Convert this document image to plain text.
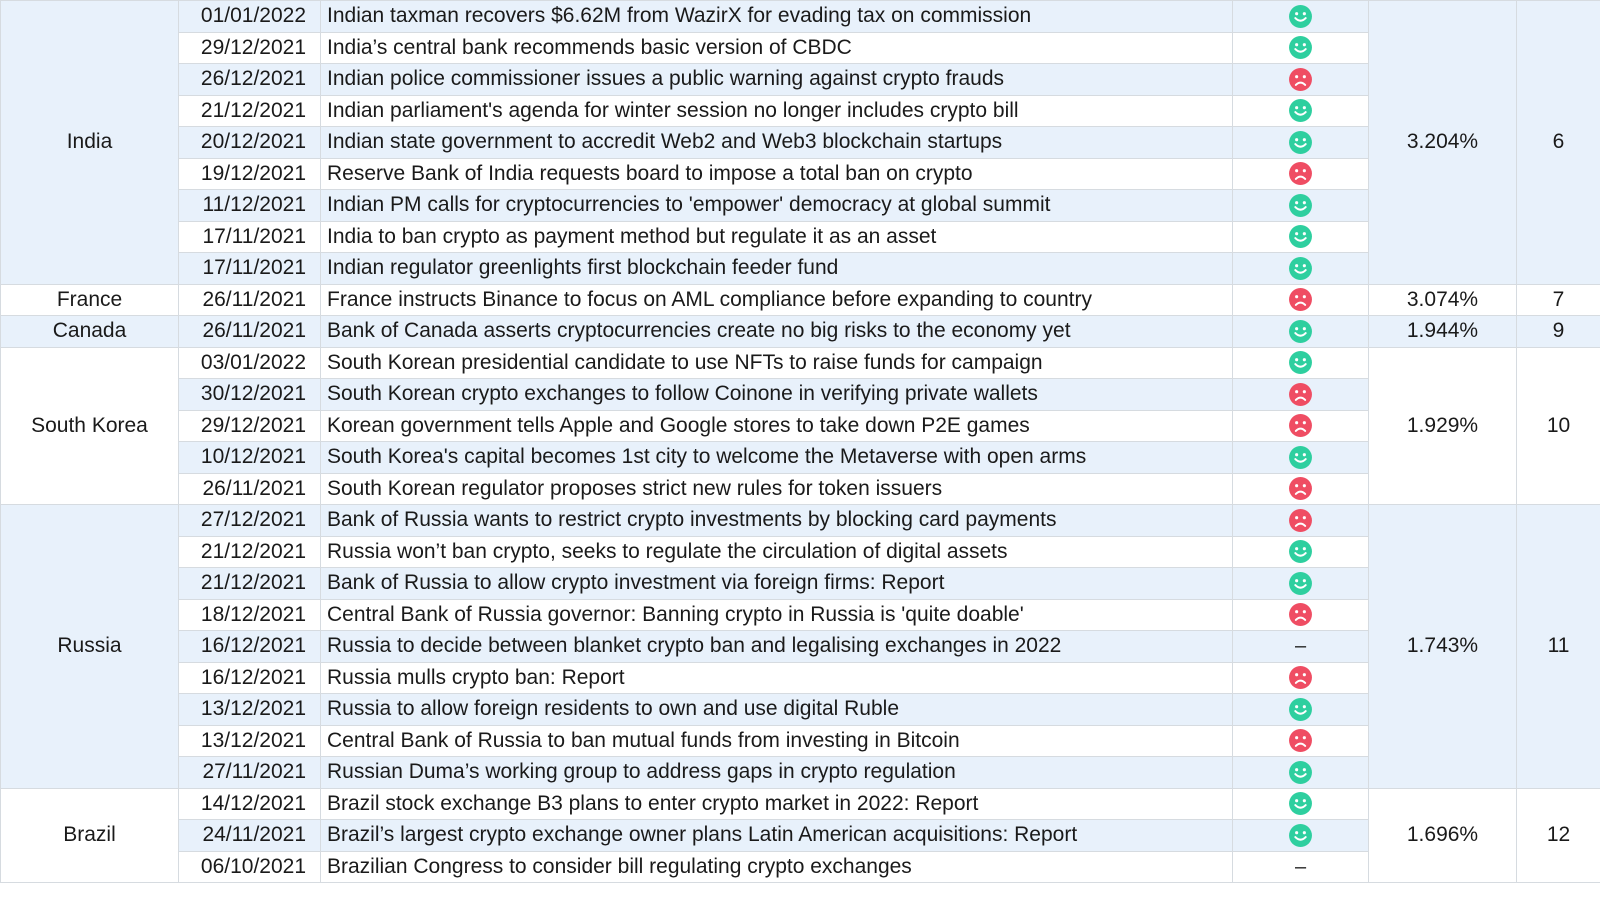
India	01/01/2022	Indian taxman recovers $6.62M from WazirX for evading tax on commission		3.204%	6
	29/12/2021	India’s central bank recommends basic version of CBDC	
	26/12/2021	Indian police commissioner issues a public warning against crypto frauds	
	21/12/2021	Indian parliament's agenda for winter session no longer includes crypto bill	
	20/12/2021	Indian state government to accredit Web2 and Web3 blockchain startups	
	19/12/2021	Reserve Bank of India requests board to impose a total ban on crypto	
	11/12/2021	Indian PM calls for cryptocurrencies to 'empower' democracy at global summit	
	17/11/2021	India to ban crypto as payment method but regulate it as an asset	
	17/11/2021	Indian regulator greenlights first blockchain feeder fund	
France	26/11/2021	France instructs Binance to focus on AML compliance before expanding to country		3.074%	7
Canada	26/11/2021	Bank of Canada asserts cryptocurrencies create no big risks to the economy yet		1.944%	9
South Korea	03/01/2022	South Korean presidential candidate to use NFTs to raise funds for campaign		1.929%	10
	30/12/2021	South Korean crypto exchanges to follow Coinone in verifying private wallets	
	29/12/2021	Korean government tells Apple and Google stores to take down P2E games	
	10/12/2021	South Korea's capital becomes 1st city to welcome the Metaverse with open arms	
	26/11/2021	South Korean regulator proposes strict new rules for token issuers	
Russia	27/12/2021	Bank of Russia wants to restrict crypto investments by blocking card payments		1.743%	11
	21/12/2021	Russia won’t ban crypto, seeks to regulate the circulation of digital assets	
	21/12/2021	Bank of Russia to allow crypto investment via foreign firms: Report	
	18/12/2021	Central Bank of Russia governor: Banning crypto in Russia is 'quite doable'	
	16/12/2021	Russia to decide between blanket crypto ban and legalising exchanges in 2022	–		
	16/12/2021	Russia mulls crypto ban: Report	
	13/12/2021	Russia to allow foreign residents to own and use digital Ruble	
	13/12/2021	Central Bank of Russia to ban mutual funds from investing in Bitcoin	
	27/11/2021	Russian Duma’s working group to address gaps in crypto regulation	
Brazil	14/12/2021	Brazil stock exchange B3 plans to enter crypto market in 2022: Report		1.696%	12
	24/11/2021	Brazil’s largest crypto exchange owner plans Latin American acquisitions: Report	
	06/10/2021	Brazilian Congress to consider bill regulating crypto exchanges	–		
